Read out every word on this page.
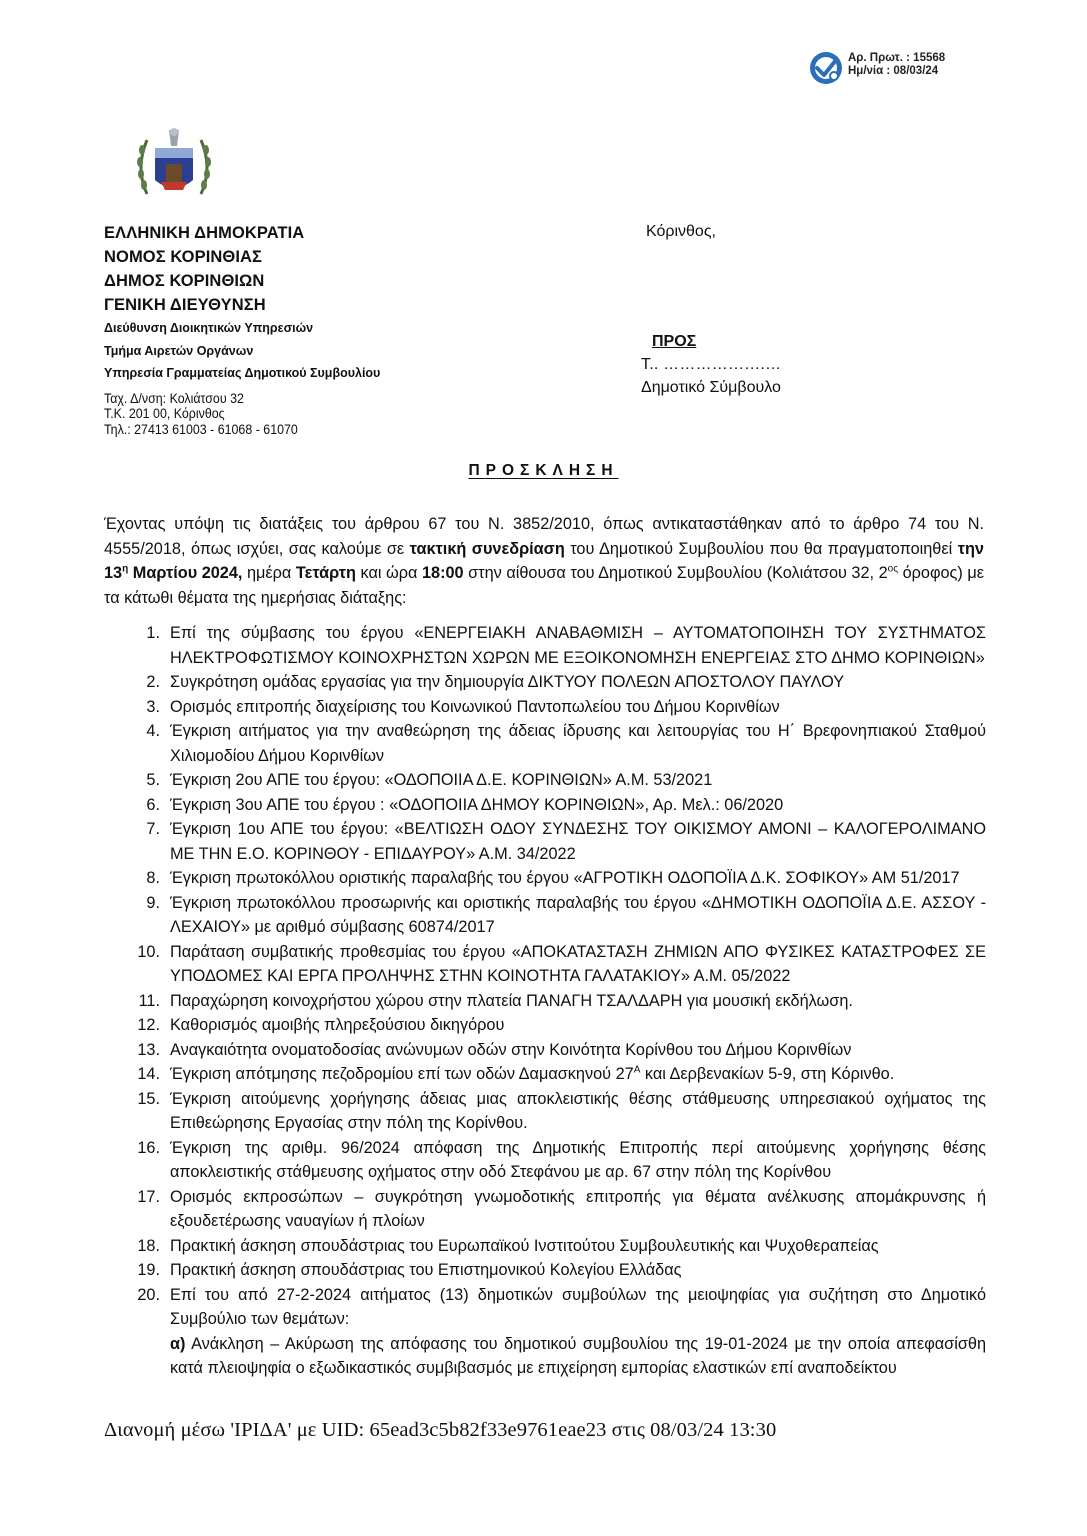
Αρ. Πρωτ. : 15568
Ημ/νία : 08/03/24
ΕΛΛΗΝΙΚΗ ΔΗΜΟΚΡΑΤΙΑ
ΝΟΜΟΣ ΚΟΡΙΝΘΙΑΣ
ΔΗΜΟΣ ΚΟΡΙΝΘΙΩΝ
ΓΕΝΙΚΗ ΔΙΕΥΘΥΝΣΗ
Διεύθυνση Διοικητικών Υπηρεσιών
Τμήμα Αιρετών Οργάνων
Υπηρεσία Γραμματείας Δημοτικού Συμβουλίου
Ταχ. Δ/νση: Κολιάτσου 32
Τ.Κ. 201 00, Κόρινθος
Τηλ.: 27413 61003 - 61068 - 61070
Κόρινθος,
ΠΡΟΣ
Τ.. ……………….…
Δημοτικό Σύμβουλο
ΠΡΟΣΚΛΗΣΗ
Έχοντας υπόψη τις διατάξεις του άρθρου 67 του Ν. 3852/2010, όπως αντικαταστάθηκαν από το άρθρο 74 του Ν. 4555/2018, όπως ισχύει, σας καλούμε σε τακτική συνεδρίαση του Δημοτικού Συμβουλίου που θα πραγματοποιηθεί την $13^\eta$ Μαρτίου 2024, ημέρα Τετάρτη και ώρα 18:00 στην αίθουσα του Δημοτικού Συμβουλίου (Κολιάτσου 32, $2^{o\varsigma}$ όροφος) με τα κάτωθι θέματα της ημερήσιας διάταξης:
1. Επί της σύμβασης του έργου «ΕΝΕΡΓΕΙΑΚΗ ΑΝΑΒΑΘΜΙΣΗ – ΑΥΤΟΜΑΤΟΠΟΙΗΣΗ ΤΟΥ ΣΥΣΤΗΜΑΤΟΣ ΗΛΕΚΤΡΟΦΩΤΙΣΜΟΥ ΚΟΙΝΟΧΡΗΣΤΩΝ ΧΩΡΩΝ ΜΕ ΕΞΟΙΚΟΝΟΜΗΣΗ ΕΝΕΡΓΕΙΑΣ ΣΤΟ ΔΗΜΟ ΚΟΡΙΝΘΙΩΝ»
2. Συγκρότηση ομάδας εργασίας για την δημιουργία ΔΙΚΤΥΟΥ ΠΟΛΕΩΝ ΑΠΟΣΤΟΛΟΥ ΠΑΥΛΟΥ
3. Ορισμός επιτροπής διαχείρισης του Κοινωνικού Παντοπωλείου του Δήμου Κορινθίων
4. Έγκριση αιτήματος για την αναθεώρηση της άδειας ίδρυσης και λειτουργίας του Η΄ Βρεφονηπιακού Σταθμού Χιλιομοδίου Δήμου Κορινθίων
5. Έγκριση 2ου ΑΠΕ του έργου: «ΟΔΟΠΟΙΙΑ Δ.Ε. ΚΟΡΙΝΘΙΩΝ» Α.Μ. 53/2021
6. Έγκριση 3ου ΑΠΕ του έργου : «ΟΔΟΠΟΙΙΑ ΔΗΜΟΥ ΚΟΡΙΝΘΙΩΝ», Αρ. Μελ.: 06/2020
7. Έγκριση 1ου ΑΠΕ του έργου: «ΒΕΛΤΙΩΣΗ ΟΔΟΥ ΣΥΝΔΕΣΗΣ ΤΟΥ ΟΙΚΙΣΜΟΥ ΑΜΟΝΙ – ΚΑΛΟΓΕΡΟΛΙΜΑΝΟ ΜΕ ΤΗΝ Ε.Ο. ΚΟΡΙΝΘΟΥ - ΕΠΙΔΑΥΡΟΥ» Α.Μ. 34/2022
8. Έγκριση πρωτοκόλλου οριστικής παραλαβής του έργου «ΑΓΡΟΤΙΚΗ ΟΔΟΠΟΪΙΑ Δ.Κ. ΣΟΦΙΚΟΥ» ΑΜ 51/2017
9. Έγκριση πρωτοκόλλου προσωρινής και οριστικής παραλαβής του έργου «ΔΗΜΟΤΙΚΗ ΟΔΟΠΟΪΙΑ Δ.Ε. ΑΣΣΟΥ - ΛΕΧΑΙΟΥ» με αριθμό σύμβασης 60874/2017
10. Παράταση συμβατικής προθεσμίας του έργου «ΑΠΟΚΑΤΑΣΤΑΣΗ ΖΗΜΙΩΝ ΑΠΟ ΦΥΣΙΚΕΣ ΚΑΤΑΣΤΡΟΦΕΣ ΣΕ ΥΠΟΔΟΜΕΣ ΚΑΙ ΕΡΓΑ ΠΡΟΛΗΨΗΣ ΣΤΗΝ ΚΟΙΝΟΤΗΤΑ ΓΑΛΑΤΑΚΙΟΥ» Α.Μ. 05/2022
11. Παραχώρηση κοινοχρήστου χώρου στην πλατεία ΠΑΝΑΓΗ ΤΣΑΛΔΑΡΗ για μουσική εκδήλωση.
12. Καθορισμός αμοιβής πληρεξούσιου δικηγόρου
13. Αναγκαιότητα ονοματοδοσίας ανώνυμων οδών στην Κοινότητα Κορίνθου του Δήμου Κορινθίων
14. Έγκριση απότμησης πεζοδρομίου επί των οδών Δαμασκηνού $27^A$ και Δερβενακίων 5-9, στη Κόρινθο.
15. Έγκριση αιτούμενης χορήγησης άδειας μιας αποκλειστικής θέσης στάθμευσης υπηρεσιακού οχήματος της Επιθεώρησης Εργασίας στην πόλη της Κορίνθου.
16. Έγκριση της αριθμ. 96/2024 απόφαση της Δημοτικής Επιτροπής περί αιτούμενης χορήγησης θέσης αποκλειστικής στάθμευσης οχήματος στην οδό Στεφάνου με αρ. 67 στην πόλη της Κορίνθου
17. Ορισμός εκπροσώπων – συγκρότηση γνωμοδοτικής επιτροπής για θέματα ανέλκυσης απομάκρυνσης ή εξουδετέρωσης ναυαγίων ή πλοίων
18. Πρακτική άσκηση σπουδάστριας του Ευρωπαϊκού Ινστιτούτου Συμβουλευτικής και Ψυχοθεραπείας
19. Πρακτική άσκηση σπουδάστριας του Επιστημονικού Κολεγίου Ελλάδας
20. Επί του από 27-2-2024 αιτήματος (13) δημοτικών συμβούλων της μειοψηφίας για συζήτηση στο Δημοτικό Συμβούλιο των θεμάτων:
α) Ανάκληση – Ακύρωση της απόφασης του δημοτικού συμβουλίου της 19-01-2024 με την οποία απεφασίσθη κατά πλειοψηφία ο εξωδικαστικός συμβιβασμός με επιχείρηση εμπορίας ελαστικών επί αναποδείκτου
Διανομή μέσω 'ΙΡΙΔΑ' με UID: 65ead3c5b82f33e9761eae23 στις 08/03/24 13:30
